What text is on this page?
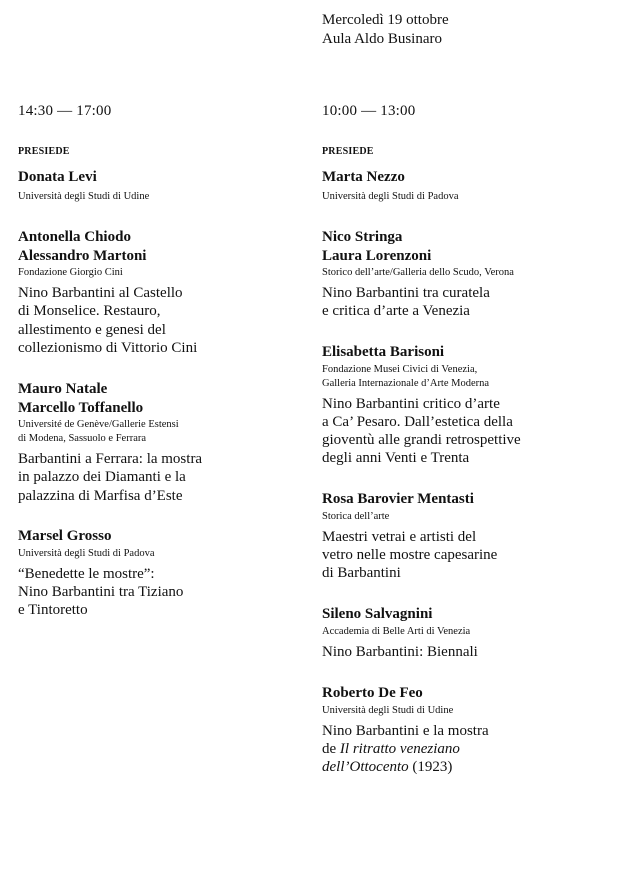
14:30 — 17:00
PRESIEDE
Donata Levi
Università degli Studi di Udine
Antonella Chiodo
Alessandro Martoni
Fondazione Giorgio Cini
Nino Barbantini al Castello
di Monselice. Restauro,
allestimento e genesi del
collezionismo di Vittorio Cini
Mauro Natale
Marcello Toffanello
Université de Genève/Gallerie Estensi
di Modena, Sassuolo e Ferrara
Barbantini a Ferrara: la mostra
in palazzo dei Diamanti e la
palazzina di Marfisa d’Este
Marsel Grosso
Università degli Studi di Padova
“Benedette le mostre”:
Nino Barbantini tra Tiziano
e Tintoretto
Mercoledì 19 ottobre
Aula Aldo Businaro
10:00 — 13:00
PRESIEDE
Marta Nezzo
Università degli Studi di Padova
Nico Stringa
Laura Lorenzoni
Storico dell’arte/Galleria dello Scudo, Verona
Nino Barbantini tra curatela
e critica d’arte a Venezia
Elisabetta Barisoni
Fondazione Musei Civici di Venezia,
Galleria Internazionale d’Arte Moderna
Nino Barbantini critico d’arte
a Ca’ Pesaro. Dall’estetica della
gioventù alle grandi retrospettive
degli anni Venti e Trenta
Rosa Barovier Mentasti
Storica dell’arte
Maestri vetrai e artisti del
vetro nelle mostre capesarine
di Barbantini
Sileno Salvagnini
Accademia di Belle Arti di Venezia
Nino Barbantini: Biennali
Roberto De Feo
Università degli Studi di Udine
Nino Barbantini e la mostra
de Il ritratto veneziano
dell’Ottocento (1923)
